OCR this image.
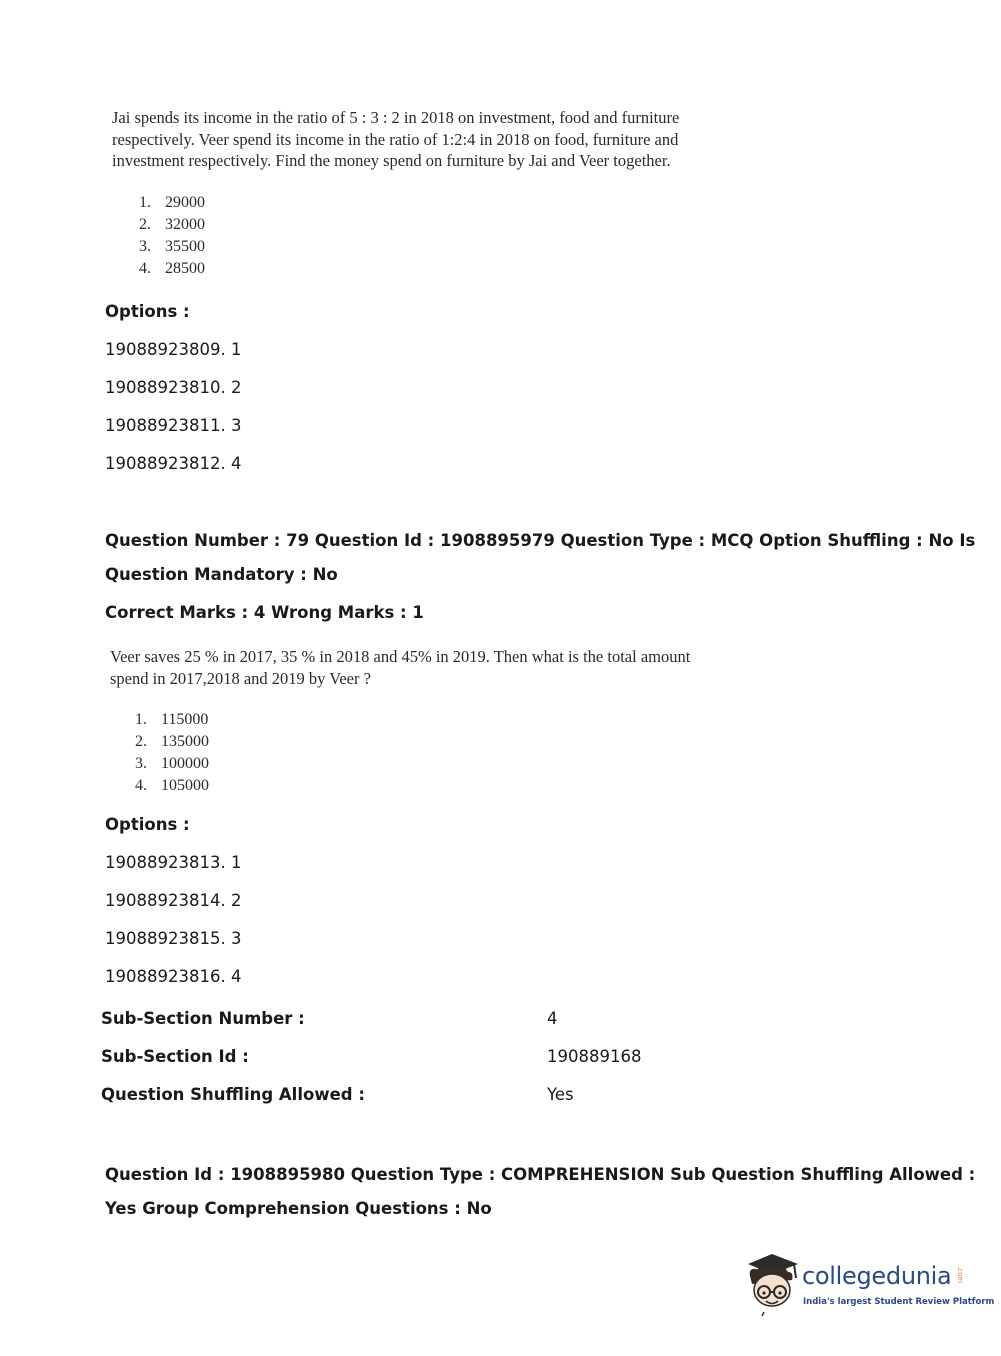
Jai spends its income in the ratio of 5 : 3 : 2 in 2018 on investment, food and furniture
respectively. Veer spend its income in the ratio of 1:2:4 in 2018 on food, furniture and
investment respectively. Find the money spend on furniture by Jai and Veer together.
1. 29000
2. 32000
3. 35500
4. 28500
Options :
19088923809. 1
19088923810. 2
19088923811. 3
19088923812. 4
Question Number : 79 Question Id : 1908895979 Question Type : MCQ Option Shuffling : No Is
Question Mandatory : No
Correct Marks : 4 Wrong Marks : 1
Veer saves 25 % in 2017, 35 % in 2018 and 45% in 2019. Then what is the total amount
spend in 2017,2018 and 2019 by Veer ?
1. 115000
2. 135000
3. 100000
4. 105000
Options :
19088923813. 1
19088923814. 2
19088923815. 3
19088923816. 4
Sub-Section Number :	4
Sub-Section Id :	190889168
Question Shuffling Allowed :	Yes
Question Id : 1908895980 Question Type : COMPREHENSION Sub Question Shuffling Allowed :
Yes Group Comprehension Questions : No
collegedunia .com
India's largest Student Review Platform
